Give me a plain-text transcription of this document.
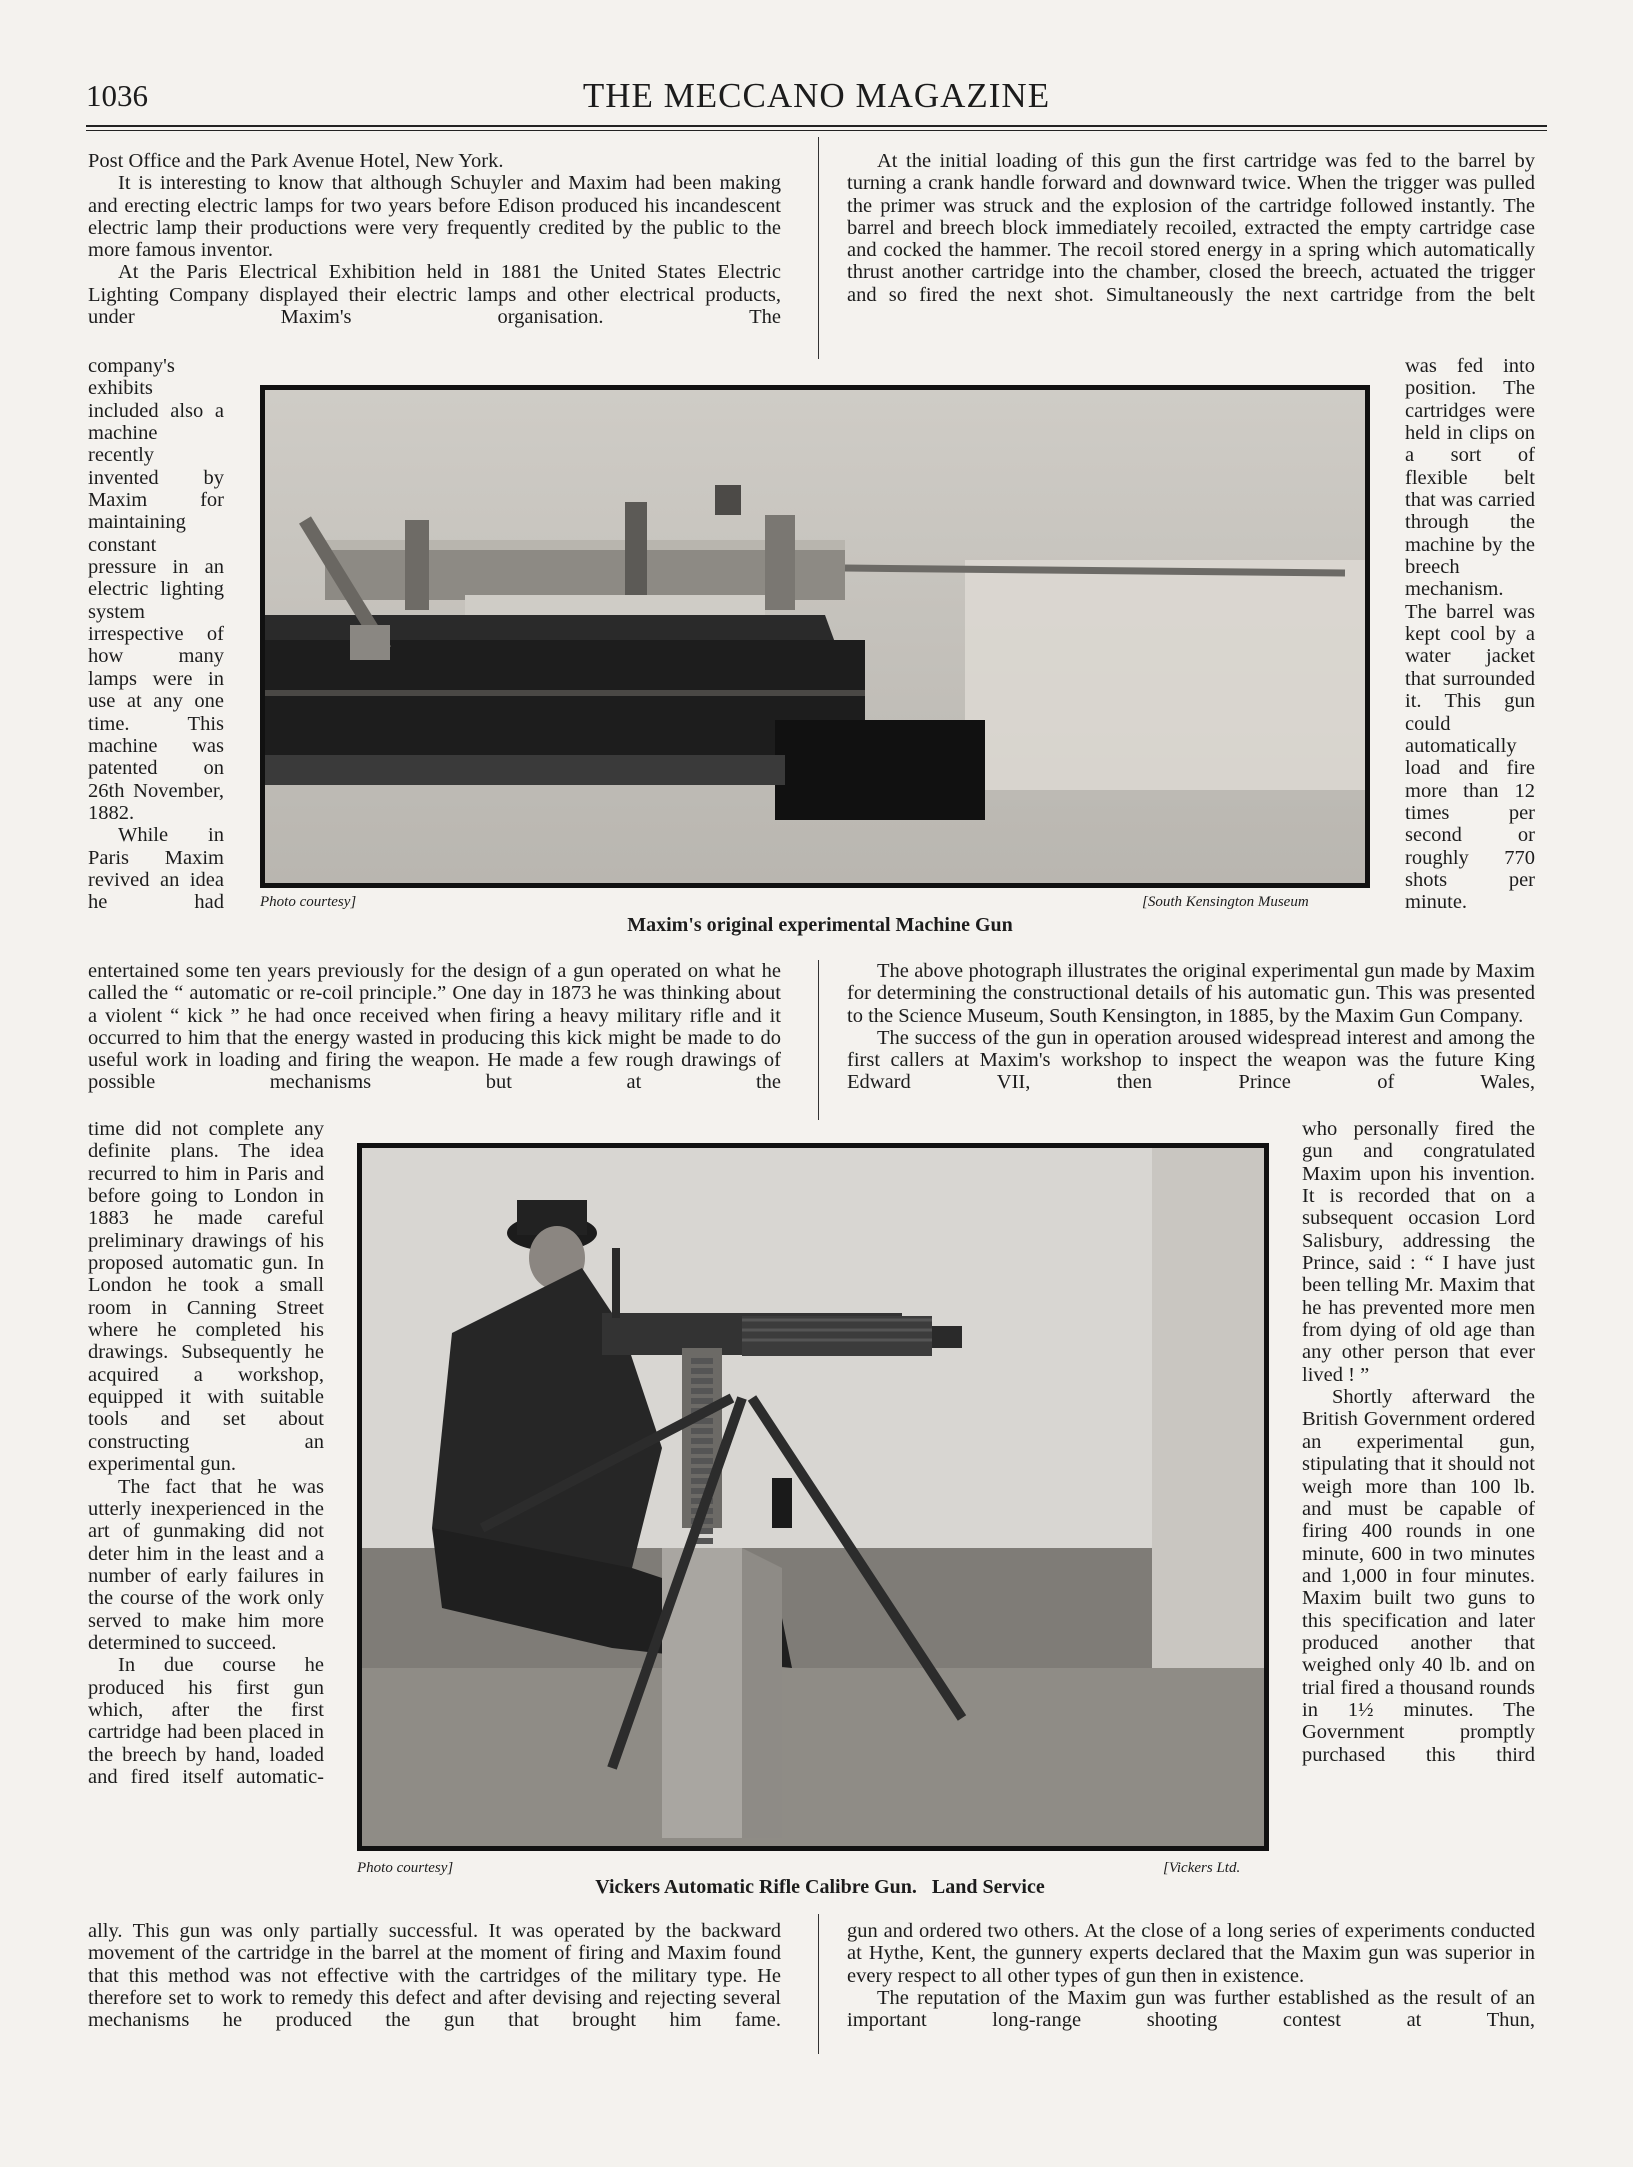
1036	THE MECCANO MAGAZINE

Post Office and the Park Avenue Hotel, New York.

It is interesting to know that although Schuyler and Maxim had been making and erecting electric lamps for two years before Edison produced his incandescent electric lamp their productions were very frequently credited by the public to the more famous inventor.

At the Paris Electrical Exhibition held in 1881 the United States Electric Lighting Company displayed their electric lamps and other electrical products, under Maxim's organisation. The

At the initial loading of this gun the first cartridge was fed to the barrel by turning a crank handle forward and downward twice. When the trigger was pulled the primer was struck and the explosion of the cartridge followed instantly. The barrel and breech block immediately recoiled, extracted the empty cartridge case and cocked the hammer. The recoil stored energy in a spring which automatically thrust another cartridge into the chamber, closed the breech, actuated the trigger and so fired the next shot. Simultaneously the next cartridge from the belt

company's exhibits included also a machine recently invented by Maxim for maintaining constant pressure in an electric lighting system irrespective of how many lamps were in use at any one time. This machine was patented on 26th November, 1882.

While in Paris Maxim revived an idea he had

was fed into position. The cartridges were held in clips on a sort of flexible belt that was carried through the machine by the breech mechanism. The barrel was kept cool by a water jacket that surrounded it. This gun could automatically load and fire more than 12 times per second or roughly 770 shots per minute.

Photo courtesy]	[South Kensington Museum
Maxim's original experimental Machine Gun

entertained some ten years previously for the design of a gun operated on what he called the “ automatic or re-coil principle.” One day in 1873 he was thinking about a violent “ kick ” he had once received when firing a heavy military rifle and it occurred to him that the energy wasted in producing this kick might be made to do useful work in loading and firing the weapon. He made a few rough drawings of possible mechanisms but at the

The above photograph illustrates the original experimental gun made by Maxim for determining the constructional details of his automatic gun. This was presented to the Science Museum, South Kensington, in 1885, by the Maxim Gun Company.

The success of the gun in operation aroused widespread interest and among the first callers at Maxim's workshop to inspect the weapon was the future King Edward VII, then Prince of Wales,

time did not complete any definite plans. The idea recurred to him in Paris and before going to London in 1883 he made careful preliminary drawings of his proposed automatic gun. In London he took a small room in Canning Street where he completed his drawings. Subsequently he acquired a workshop, equipped it with suitable tools and set about constructing an experimental gun.

The fact that he was utterly inexperienced in the art of gunmaking did not deter him in the least and a number of early failures in the course of the work only served to make him more determined to succeed.

In due course he produced his first gun which, after the first cartridge had been placed in the breech by hand, loaded and fired itself automatic-

who personally fired the gun and congratulated Maxim upon his invention. It is recorded that on a subsequent occasion Lord Salisbury, addressing the Prince, said : “ I have just been telling Mr. Maxim that he has prevented more men from dying of old age than any other person that ever lived ! ”

Shortly afterward the British Government ordered an experimental gun, stipulating that it should not weigh more than 100 lb. and must be capable of firing 400 rounds in one minute, 600 in two minutes and 1,000 in four minutes. Maxim built two guns to this specification and later produced another that weighed only 40 lb. and on trial fired a thousand rounds in 1½ minutes. The Government promptly purchased this third

Photo courtesy]	[Vickers Ltd.
Vickers Automatic Rifle Calibre Gun.   Land Service

ally. This gun was only partially successful. It was operated by the backward movement of the cartridge in the barrel at the moment of firing and Maxim found that this method was not effective with the cartridges of the military type. He therefore set to work to remedy this defect and after devising and rejecting several mechanisms he produced the gun that brought him fame.

gun and ordered two others. At the close of a long series of experiments conducted at Hythe, Kent, the gunnery experts declared that the Maxim gun was superior in every respect to all other types of gun then in existence.

The reputation of the Maxim gun was further established as the result of an important long-range shooting contest at Thun,
